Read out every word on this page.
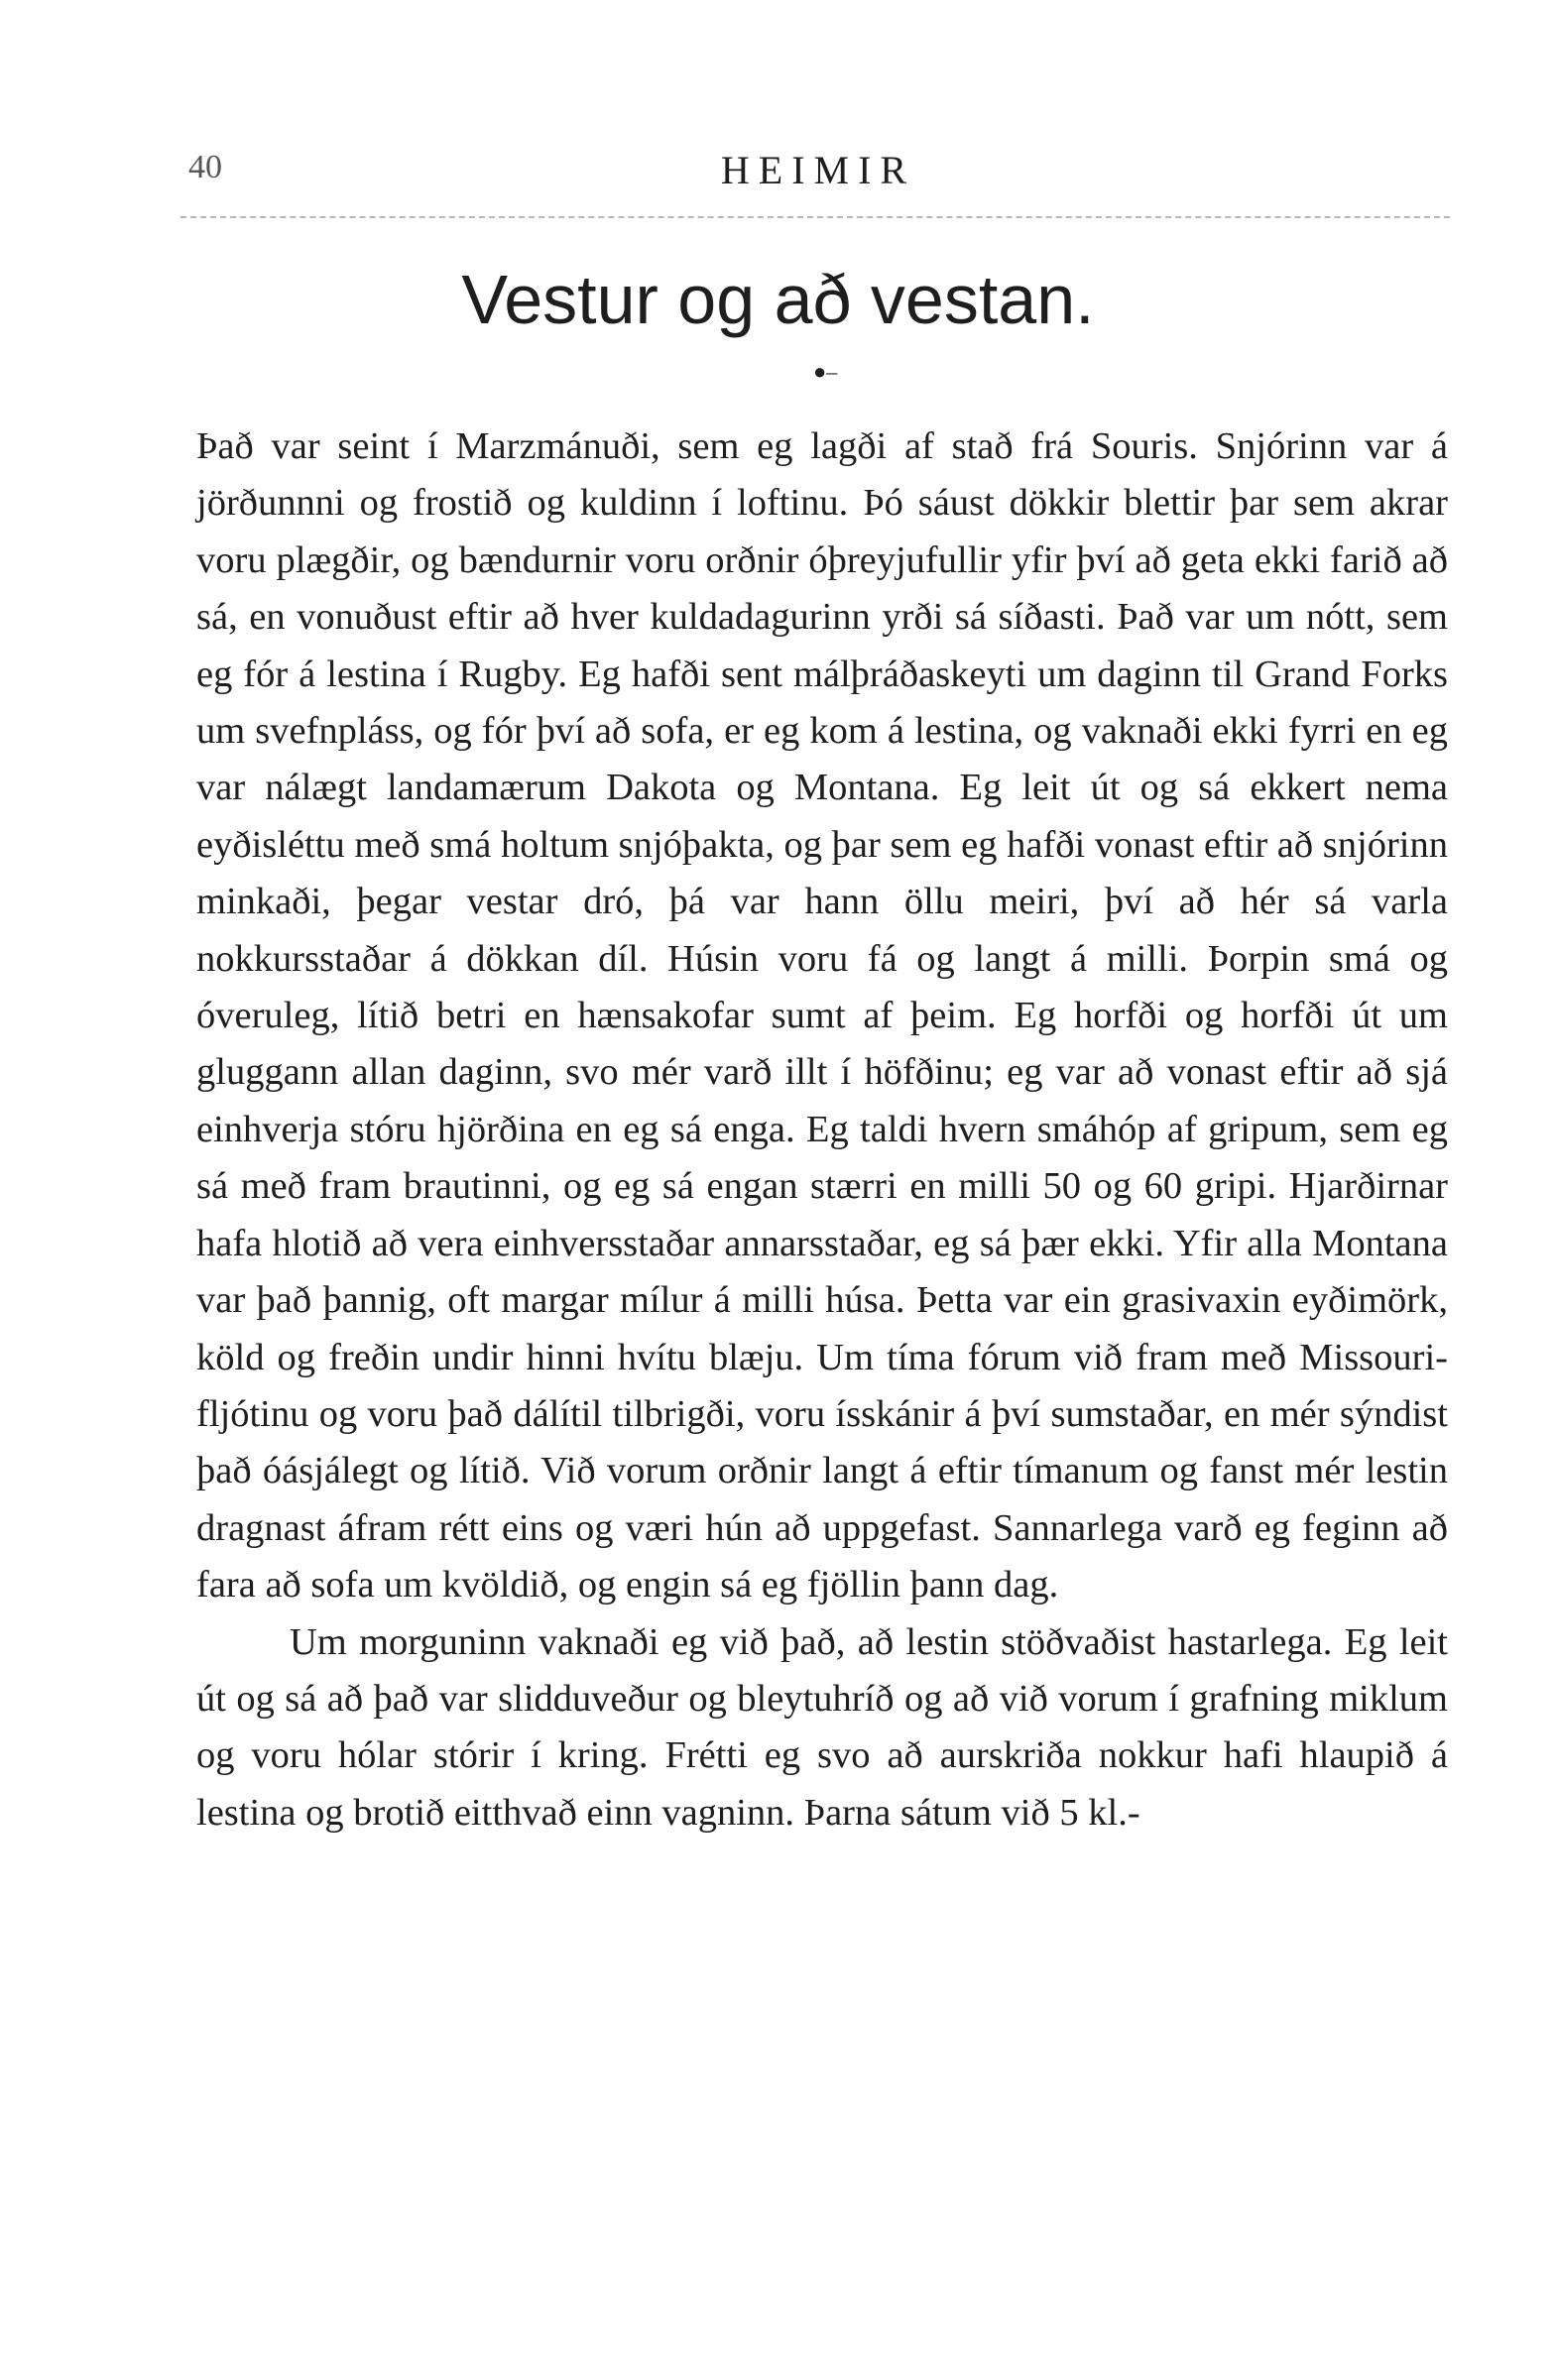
40	HEIMIR
Vestur og að vestan.
●‒

Það var seint í Marzmánuði, sem eg lagði af stað frá Souris. Snjórinn var á jörðunnni og frostið og kuldinn í loftinu. Þó sáust dökkir blettir þar sem akrar voru plægðir, og bændurnir voru orðnir óþreyjufullir yfir því að geta ekki farið að sá, en vonuðust eftir að hver kuldadagurinn yrði sá síðasti. Það var um nótt, sem eg fór á lestina í Rugby. Eg hafði sent málþráðaskeyti um daginn til Grand Forks um svefnpláss, og fór því að sofa, er eg kom á lestina, og vaknaði ekki fyrri en eg var nálægt landamærum Dakota og Montana. Eg leit út og sá ekkert nema eyðisléttu með smá holtum snjóþakta, og þar sem eg hafði vonast eftir að snjórinn minkaði, þegar vestar dró, þá var hann öllu meiri, því að hér sá varla nokkursstaðar á dökkan díl. Húsin voru fá og langt á milli. Þorpin smá og óveruleg, lítið betri en hænsakofar sumt af þeim. Eg horfði og horfði út um gluggann allan daginn, svo mér varð illt í höfðinu; eg var að vonast eftir að sjá einhverja stóru hjörðina en eg sá enga. Eg taldi hvern smáhóp af gripum, sem eg sá með fram brautinni, og eg sá engan stærri en milli 50 og 60 gripi. Hjarðirnar hafa hlotið að vera einhversstaðar annarsstaðar, eg sá þær ekki. Yfir alla Montana var það þannig, oft margar mílur á milli húsa. Þetta var ein grasivaxin eyðimörk, köld og freðin undir hinni hvítu blæju. Um tíma fórum við fram með Missouri-fljótinu og voru það dálítil tilbrigði, voru ísskánir á því sumstaðar, en mér sýndist það óásjálegt og lítið. Við vorum orðnir langt á eftir tímanum og fanst mér lestin dragnast áfram rétt eins og væri hún að uppgefast. Sannarlega varð eg feginn að fara að sofa um kvöldið, og engin sá eg fjöllin þann dag.

Um morguninn vaknaði eg við það, að lestin stöðvaðist hastarlega. Eg leit út og sá að það var slidduveður og bleytuhríð og að við vorum í grafning miklum og voru hólar stórir í kring. Frétti eg svo að aurskriða nokkur hafi hlaupið á lestina og brotið eitthvað einn vagninn. Þarna sátum við 5 kl.-
